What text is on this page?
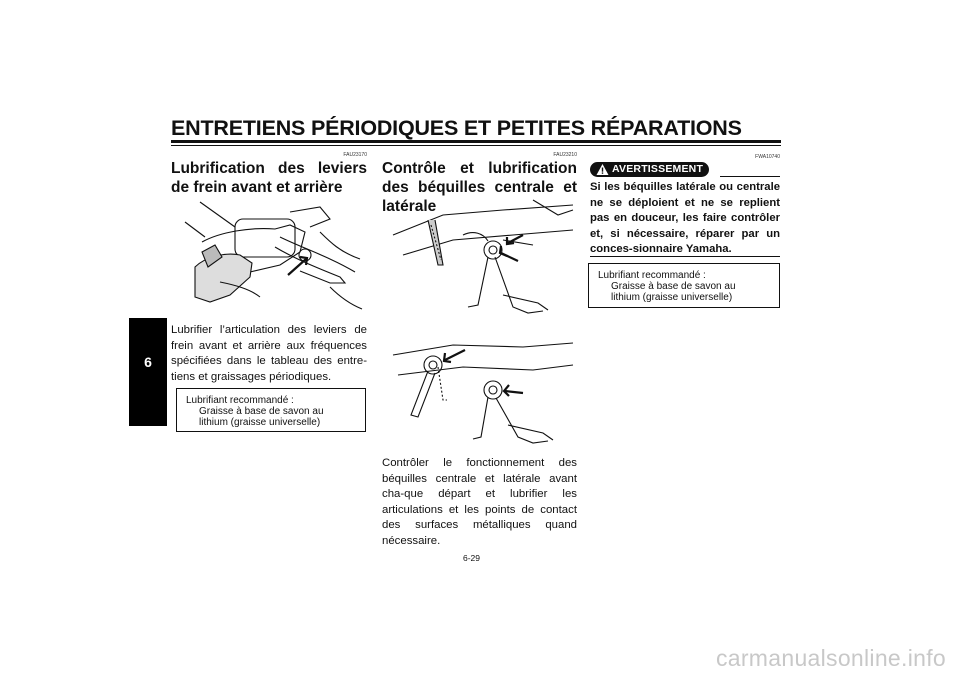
ENTRETIENS PÉRIODIQUES ET PETITES RÉPARATIONS
6
FAU23170
Lubrification des leviers de frein avant et arrière
Lubrifier l’articulation des leviers de frein avant et arrière aux fréquences spécifiées dans le tableau des entre-tiens et graissages périodiques.
Lubrifiant recommandé :
Graisse à base de savon au
lithium (graisse universelle)
FAU23210
Contrôle et lubrification des béquilles centrale et latérale
Contrôler le fonctionnement des béquilles centrale et latérale avant cha-que départ et lubrifier les articulations et les points de contact des surfaces métalliques quand nécessaire.
FWA10740
AVERTISSEMENT
Si les béquilles latérale ou centrale ne se déploient et ne se replient pas en douceur, les faire contrôler et, si nécessaire, réparer par un conces-sionnaire Yamaha.
Lubrifiant recommandé :
Graisse à base de savon au
lithium (graisse universelle)
6-29
carmanualsonline.info
